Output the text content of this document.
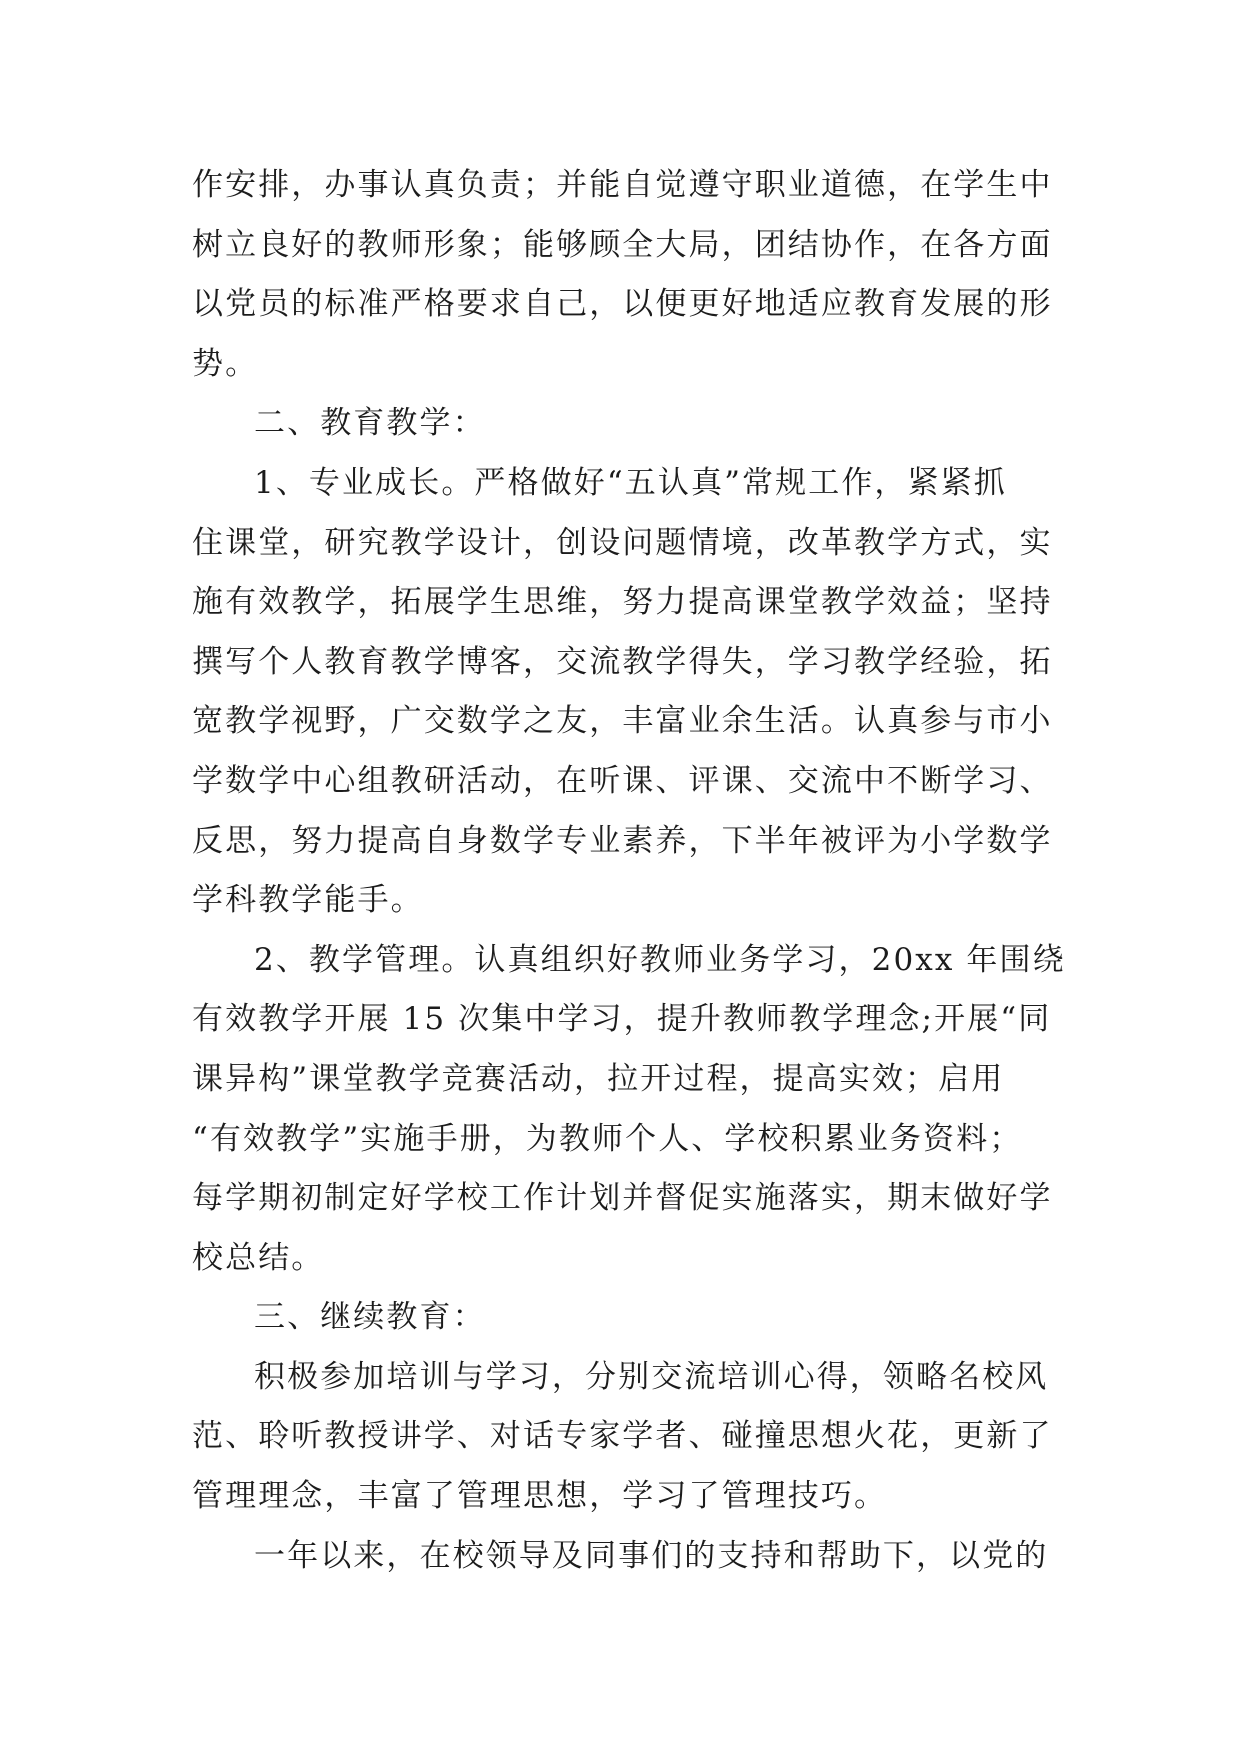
作安排，办事认真负责；并能自觉遵守职业道德，在学生中
树立良好的教师形象；能够顾全大局，团结协作，在各方面
以党员的标准严格要求自己，以便更好地适应教育发展的形
势。
二、教育教学：
1、专业成长。严格做好“五认真”常规工作，紧紧抓
住课堂，研究教学设计，创设问题情境，改革教学方式，实
施有效教学，拓展学生思维，努力提高课堂教学效益；坚持
撰写个人教育教学博客，交流教学得失，学习教学经验，拓
宽教学视野，广交数学之友，丰富业余生活。认真参与市小
学数学中心组教研活动，在听课、评课、交流中不断学习、
反思，努力提高自身数学专业素养，下半年被评为小学数学
学科教学能手。
2、教学管理。认真组织好教师业务学习，20xx 年围绕
有效教学开展 15 次集中学习，提升教师教学理念;开展“同
课异构”课堂教学竞赛活动，拉开过程，提高实效；启用
“有效教学”实施手册，为教师个人、学校积累业务资料；
每学期初制定好学校工作计划并督促实施落实，期末做好学
校总结。
三、继续教育：
积极参加培训与学习，分别交流培训心得，领略名校风
范、聆听教授讲学、对话专家学者、碰撞思想火花，更新了
管理理念，丰富了管理思想，学习了管理技巧。
一年以来，在校领导及同事们的支持和帮助下，以党的
